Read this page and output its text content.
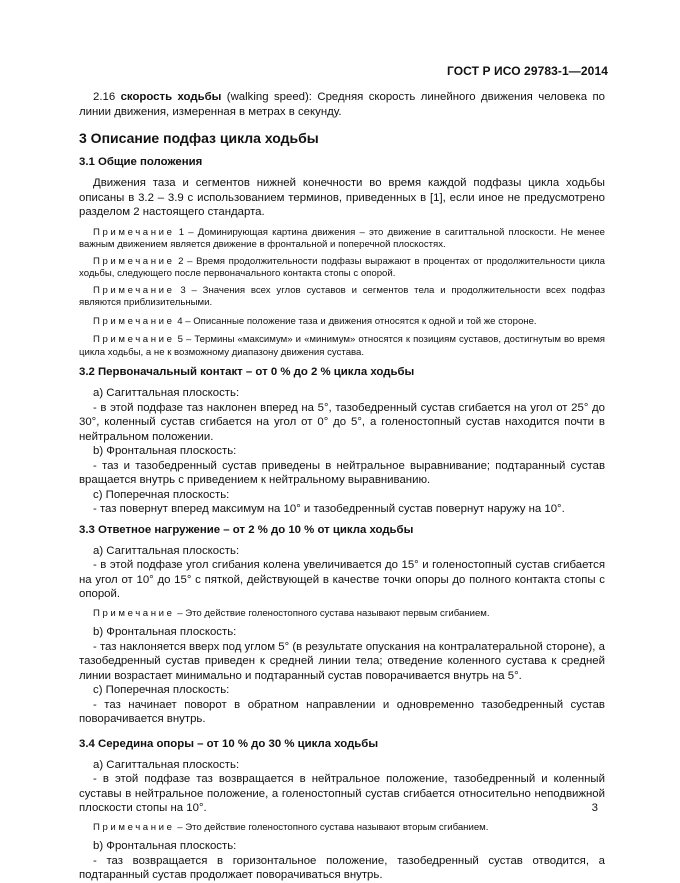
ГОСТ Р ИСО 29783-1—2014

2.16 скорость ходьбы (walking speed): Средняя скорость линейного движения человека по линии движения, измеренная в метрах в секунду.

3 Описание подфаз цикла ходьбы
3.1 Общие положения

Движения таза и сегментов нижней конечности во время каждой подфазы цикла ходьбы описаны в 3.2 – 3.9 с использованием терминов, приведенных в [1], если иное не предусмотрено разделом 2 настоящего стандарта.

Примечание 1 – Доминирующая картина движения – это движение в сагиттальной плоскости. Не менее важным движением является движение в фронтальной и поперечной плоскостях.

Примечание 2 – Время продолжительности подфазы выражают в процентах от продолжительности цикла ходьбы, следующего после первоначального контакта стопы с опорой.

Примечание 3 – Значения всех углов суставов и сегментов тела и продолжительности всех подфаз являются приблизительными.

Примечание 4 – Описанные положение таза и движения относятся к одной и той же стороне.

Примечание 5 – Термины «максимум» и «минимум» относятся к позициям суставов, достигнутым во время цикла ходьбы, а не к возможному диапазону движения сустава.

3.2 Первоначальный контакт – от 0 % до 2 % цикла ходьбы

a) Сагиттальная плоскость:

- в этой подфазе таз наклонен вперед на 5°, тазобедренный сустав сгибается на угол от 25° до 30°, коленный сустав сгибается на угол от 0° до 5°, а голеностопный сустав находится почти в нейтральном положении.

b) Фронтальная плоскость:

- таз и тазобедренный сустав приведены в нейтральное выравнивание; подтаранный сустав вращается внутрь с приведением к нейтральному выравниванию.

c) Поперечная плоскость:

- таз повернут вперед максимум на 10° и тазобедренный сустав повернут наружу на 10°.

3.3 Ответное нагружение – от 2 % до 10 % от цикла ходьбы

a) Сагиттальная плоскость:

- в этой подфазе угол сгибания колена увеличивается до 15° и голеностопный сустав сгибается на угол от 10° до 15° с пяткой, действующей в качестве точки опоры до полного контакта стопы с опорой.

Примечание – Это действие голеностопного сустава называют первым сгибанием.

b) Фронтальная плоскость:

- таз наклоняется вверх под углом 5° (в результате опускания на контралатеральной стороне), а тазобедренный сустав приведен к средней линии тела; отведение коленного сустава к средней линии возрастает минимально и подтаранный сустав поворачивается внутрь на 5°.

c) Поперечная плоскость:

- таз начинает поворот в обратном направлении и одновременно тазобедренный сустав поворачивается внутрь.

3.4 Середина опоры – от 10 % до 30 % цикла ходьбы

a) Сагиттальная плоскость:

- в этой подфазе таз возвращается в нейтральное положение, тазобедренный и коленный суставы в нейтральное положение, а голеностопный сустав сгибается относительно неподвижной плоскости стопы на 10°.

Примечание – Это действие голеностопного сустава называют вторым сгибанием.

b) Фронтальная плоскость:

- таз возвращается в горизонтальное положение, тазобедренный сустав отводится, а подтаранный сустав продолжает поворачиваться внутрь.

3
